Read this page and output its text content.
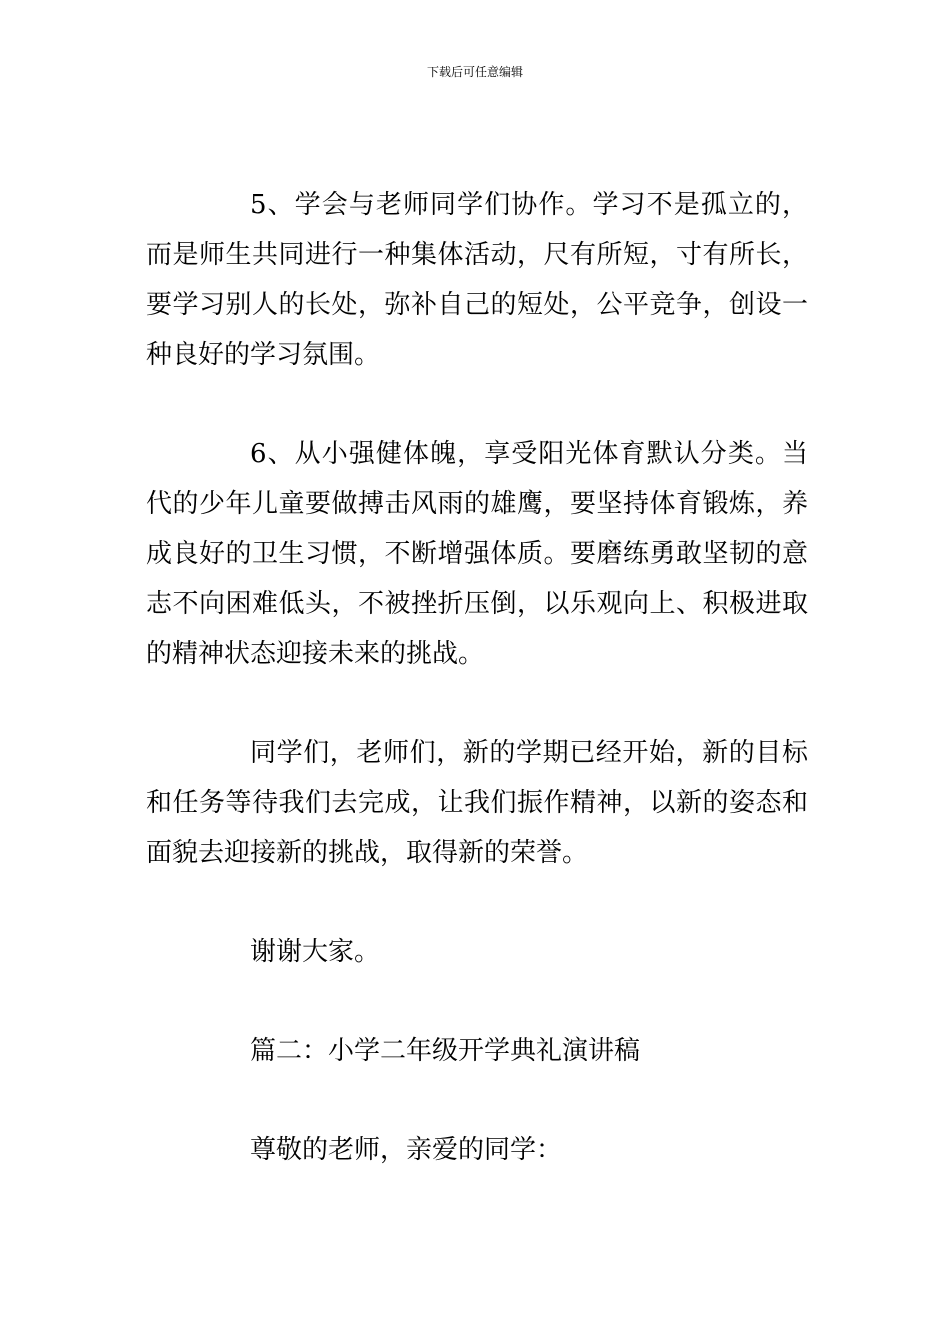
下载后可任意编辑

5、学会与老师同学们协作。学习不是孤立的，而是师生共同进行一种集体活动，尺有所短，寸有所长，要学习别人的长处，弥补自己的短处，公平竞争，创设一种良好的学习氛围。

6、从小强健体魄，享受阳光体育默认分类。当代的少年儿童要做搏击风雨的雄鹰，要坚持体育锻炼，养成良好的卫生习惯，不断增强体质。要磨练勇敢坚韧的意志不向困难低头，不被挫折压倒，以乐观向上、积极进取的精神状态迎接未来的挑战。

同学们，老师们，新的学期已经开始，新的目标和任务等待我们去完成，让我们振作精神，以新的姿态和面貌去迎接新的挑战，取得新的荣誉。

谢谢大家。

篇二：小学二年级开学典礼演讲稿

尊敬的老师，亲爱的同学：
